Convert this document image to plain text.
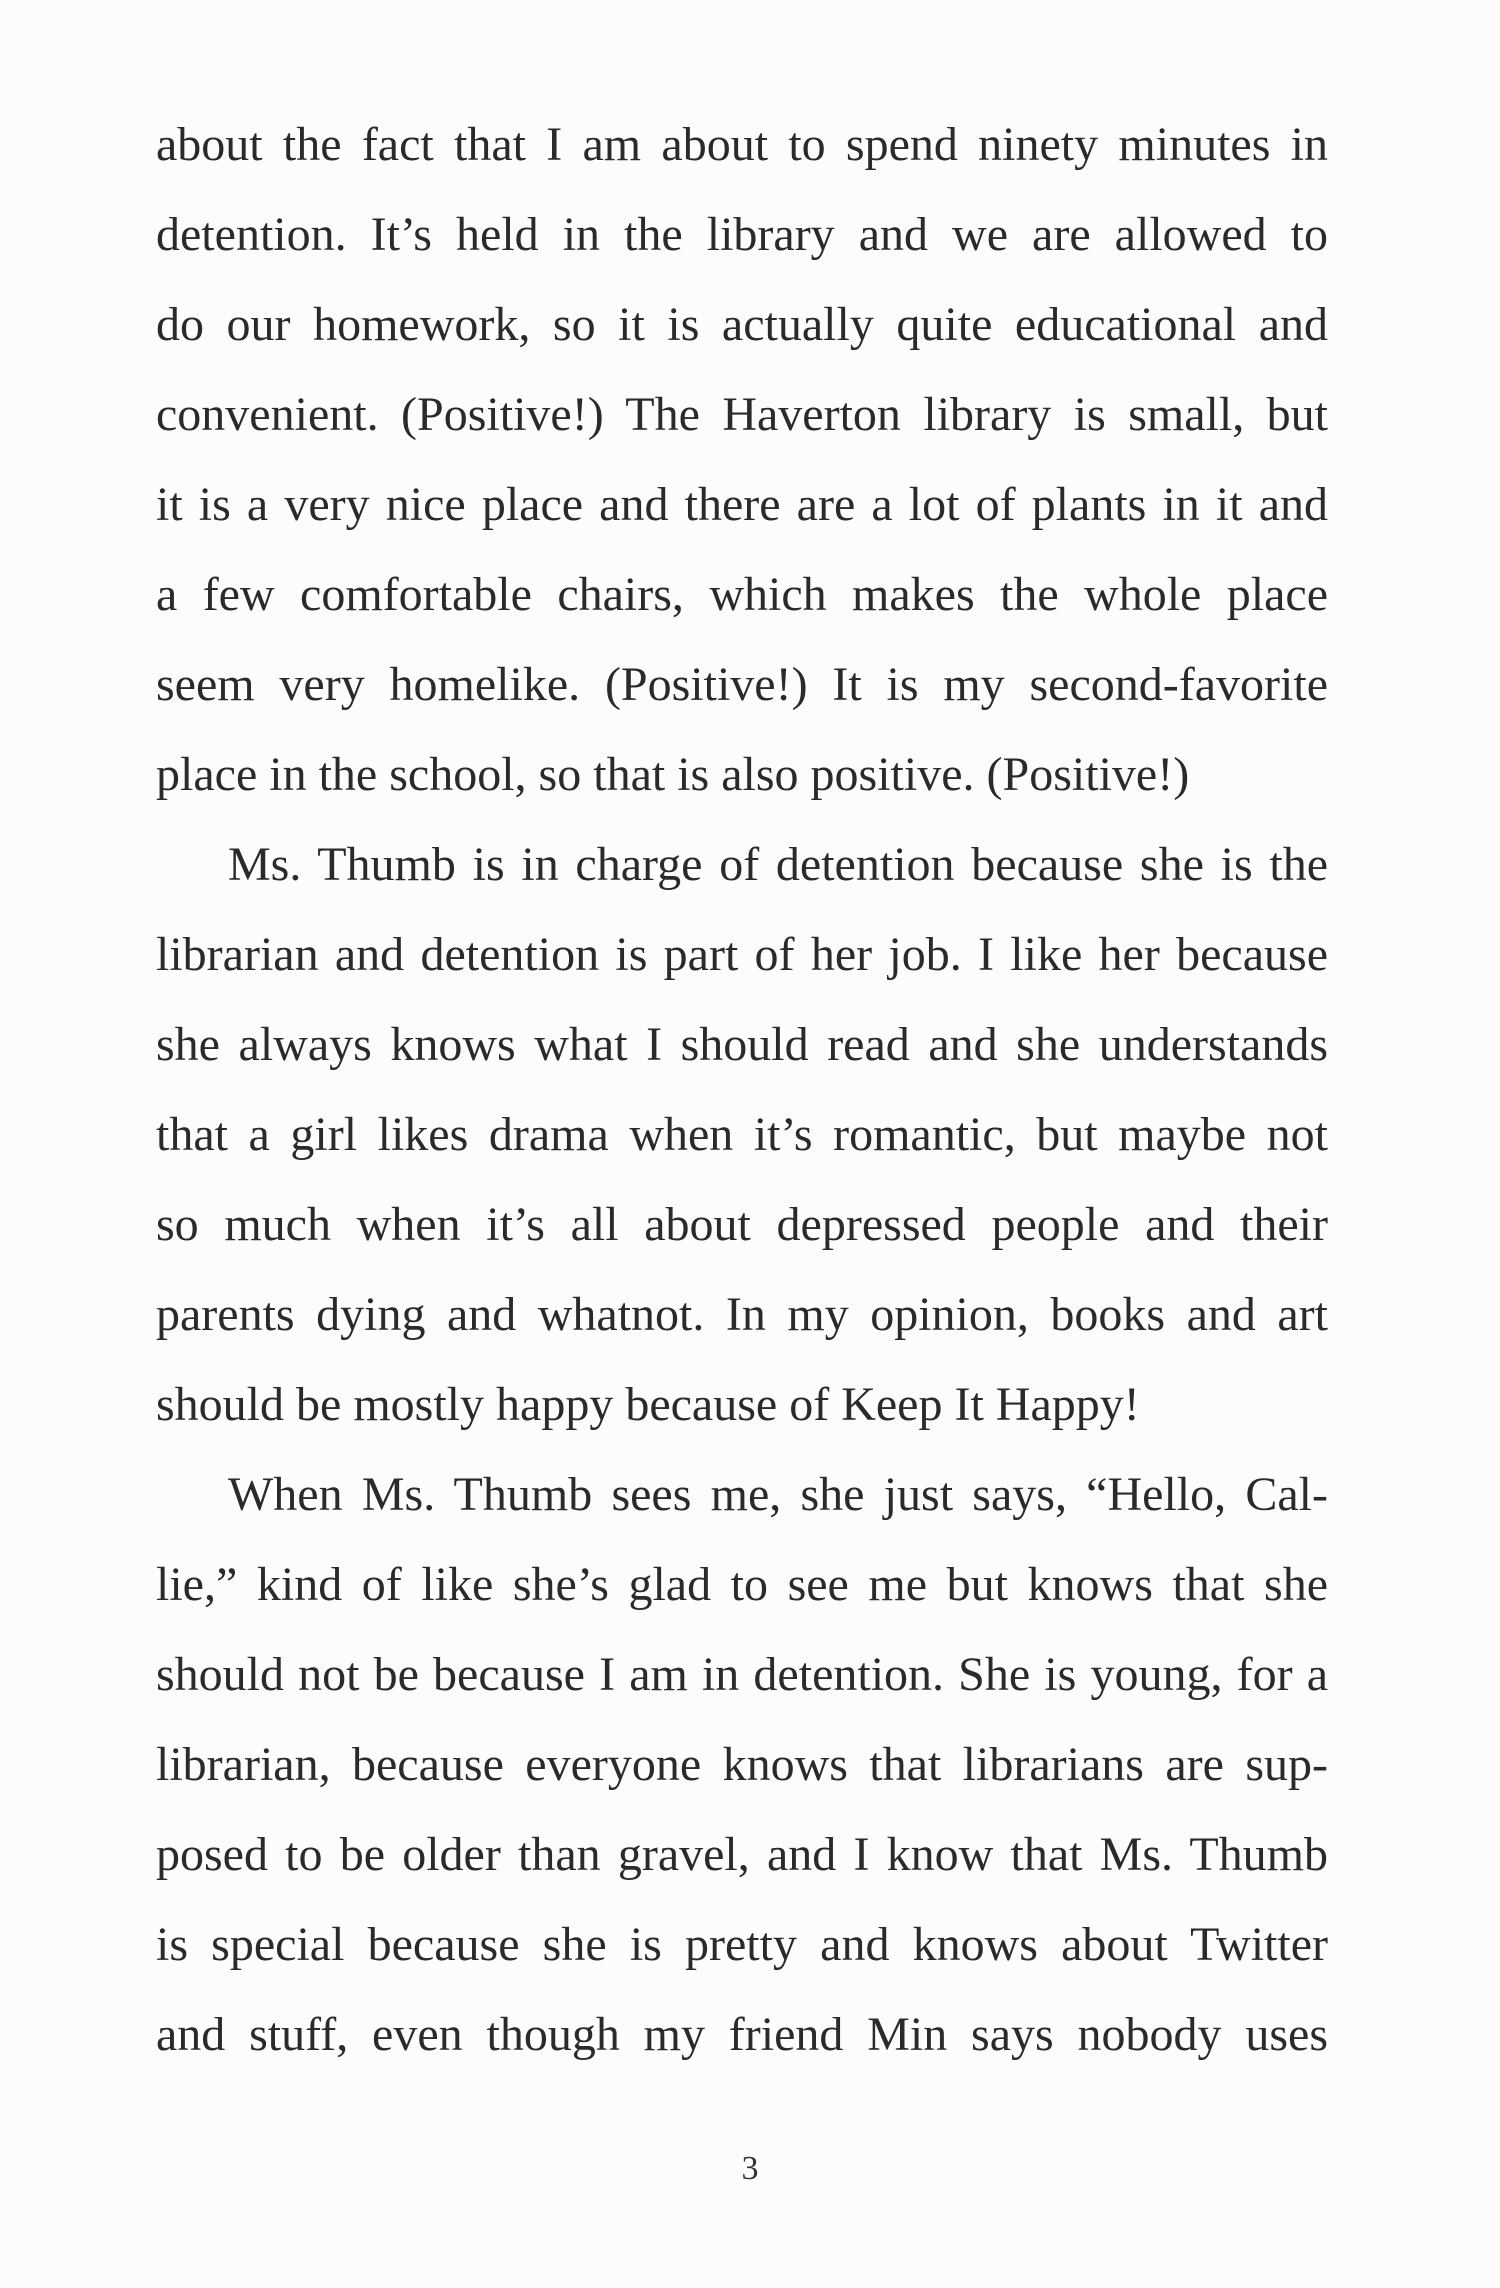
about the fact that I am about to spend ninety minutes in
detention. It’s held in the library and we are allowed to
do our homework, so it is actually quite educational and
convenient. (Positive!) The Haverton library is small, but
it is a very nice place and there are a lot of plants in it and
a few comfortable chairs, which makes the whole place
seem very homelike. (Positive!) It is my second-favorite
place in the school, so that is also positive. (Positive!)
Ms. Thumb is in charge of detention because she is the
librarian and detention is part of her job. I like her because
she always knows what I should read and she understands
that a girl likes drama when it’s romantic, but maybe not
so much when it’s all about depressed people and their
parents dying and whatnot. In my opinion, books and art
should be mostly happy because of Keep It Happy!
When Ms. Thumb sees me, she just says, “Hello, Cal-
lie,” kind of like she’s glad to see me but knows that she
should not be because I am in detention. She is young, for a
librarian, because everyone knows that librarians are sup-
posed to be older than gravel, and I know that Ms. Thumb
is special because she is pretty and knows about Twitter
and stuff, even though my friend Min says nobody uses
3
